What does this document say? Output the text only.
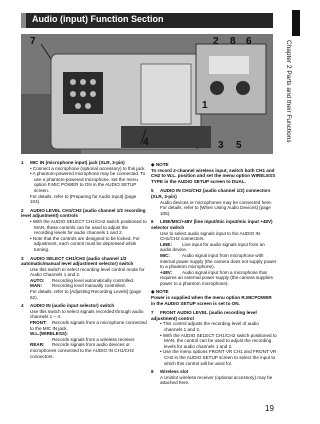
Audio (input) Function Section
Chapter 2 Parts and their Functions
7	2 8 6
1
4	3 5
1 MIC IN (microphone input) jack (XLR, 3-pin)
• Connect a microphone (optional accessory) to this jack.
• A phantom-powered microphone may be connected. To use a phantom-powered microphone, set the menu option F.MIC POWER to ON in the AUDIO SETUP screen.
For details, refer to [Preparing for Audio Input] (page 104).
2 AUDIO LEVEL CH1/CH2 (audio channel 1/2 recording level adjustment) controls
• With the AUDIO SELECT CH1/CH2 switch positioned to MAN, these controls can be used to adjust the recording levels for audio channels 1 and 2.
• Note that the controls are designed to be locked. For adjustment, each control must be depressed while turning.
3 AUDIO SELECT CH1/CH2 (audio channel 1/2 automatic/manual level adjustment selector) switch
Use this switch to select recording level control mode for Audio Channels 1 and 2.
AUTO: Recording level automatically controlled.
MAN: Recording level manually controlled.
For details, refer to [Adjusting Recording Levels] (page 62).
4 AUDIO IN (audio input selector) switch
Use this switch to select signals recorded through audio channels 1 – 4.
FRONT: Records signals from a microphone connected to the MIC IN jack.
W.L.(WIRELESS):
Records signals from a wireless receiver.
REAR: Records signals from audio devices or microphones connected to the AUDIO IN CH1/CH2 connectors.
◆ NOTE
To record 2-channel wireless input, switch both CH1 and CH2 to W.L. position and set the menu option WIRELESS TYPE in the AUDIO SETUP screen to DUAL.
5 AUDIO IN CH1/CH2 (audio channel 1/2) connectors (XLR, 3-pin)
Audio devices or microphones may be connected here.
For details, refer to [When Using Audio Devices] (page 105).
6 LINE/MIC/+48V (line input/mic input/mic input +48V) selector switch
Use to select audio signals input to the AUDIO IN CH1/CH2 connectors.
LINE: Line input for audio signals input from an audio device.
MIC:	Audio signal input from microphone with internal power supply (the camera does not supply power to a phantom microphone).
+48V: Audio signal input from a microphone that requires an external power supply (the camera supplies power to a phantom microphone).
◆ NOTE
Power is supplied when the menu option R.MICPOWER in the AUDIO SETUP screen is set to ON.
7 FRONT AUDIO LEVEL (audio recording level adjustment) control
• This control adjusts the recording level of audio channels 1 and 2.
• With the AUDIO SELECT CH1/CH2 switch positioned to MAN, the control can be used to adjust the recording levels for audio channels 1 and 2.
• Use the menu options FRONT VR CH1 and FRONT VR CH2 in the AUDIO SETUP screen to select the input to which this control will be used for.
8 Wireless slot
A Unislot wireless receiver (optional accessory) may be attached here.
19
